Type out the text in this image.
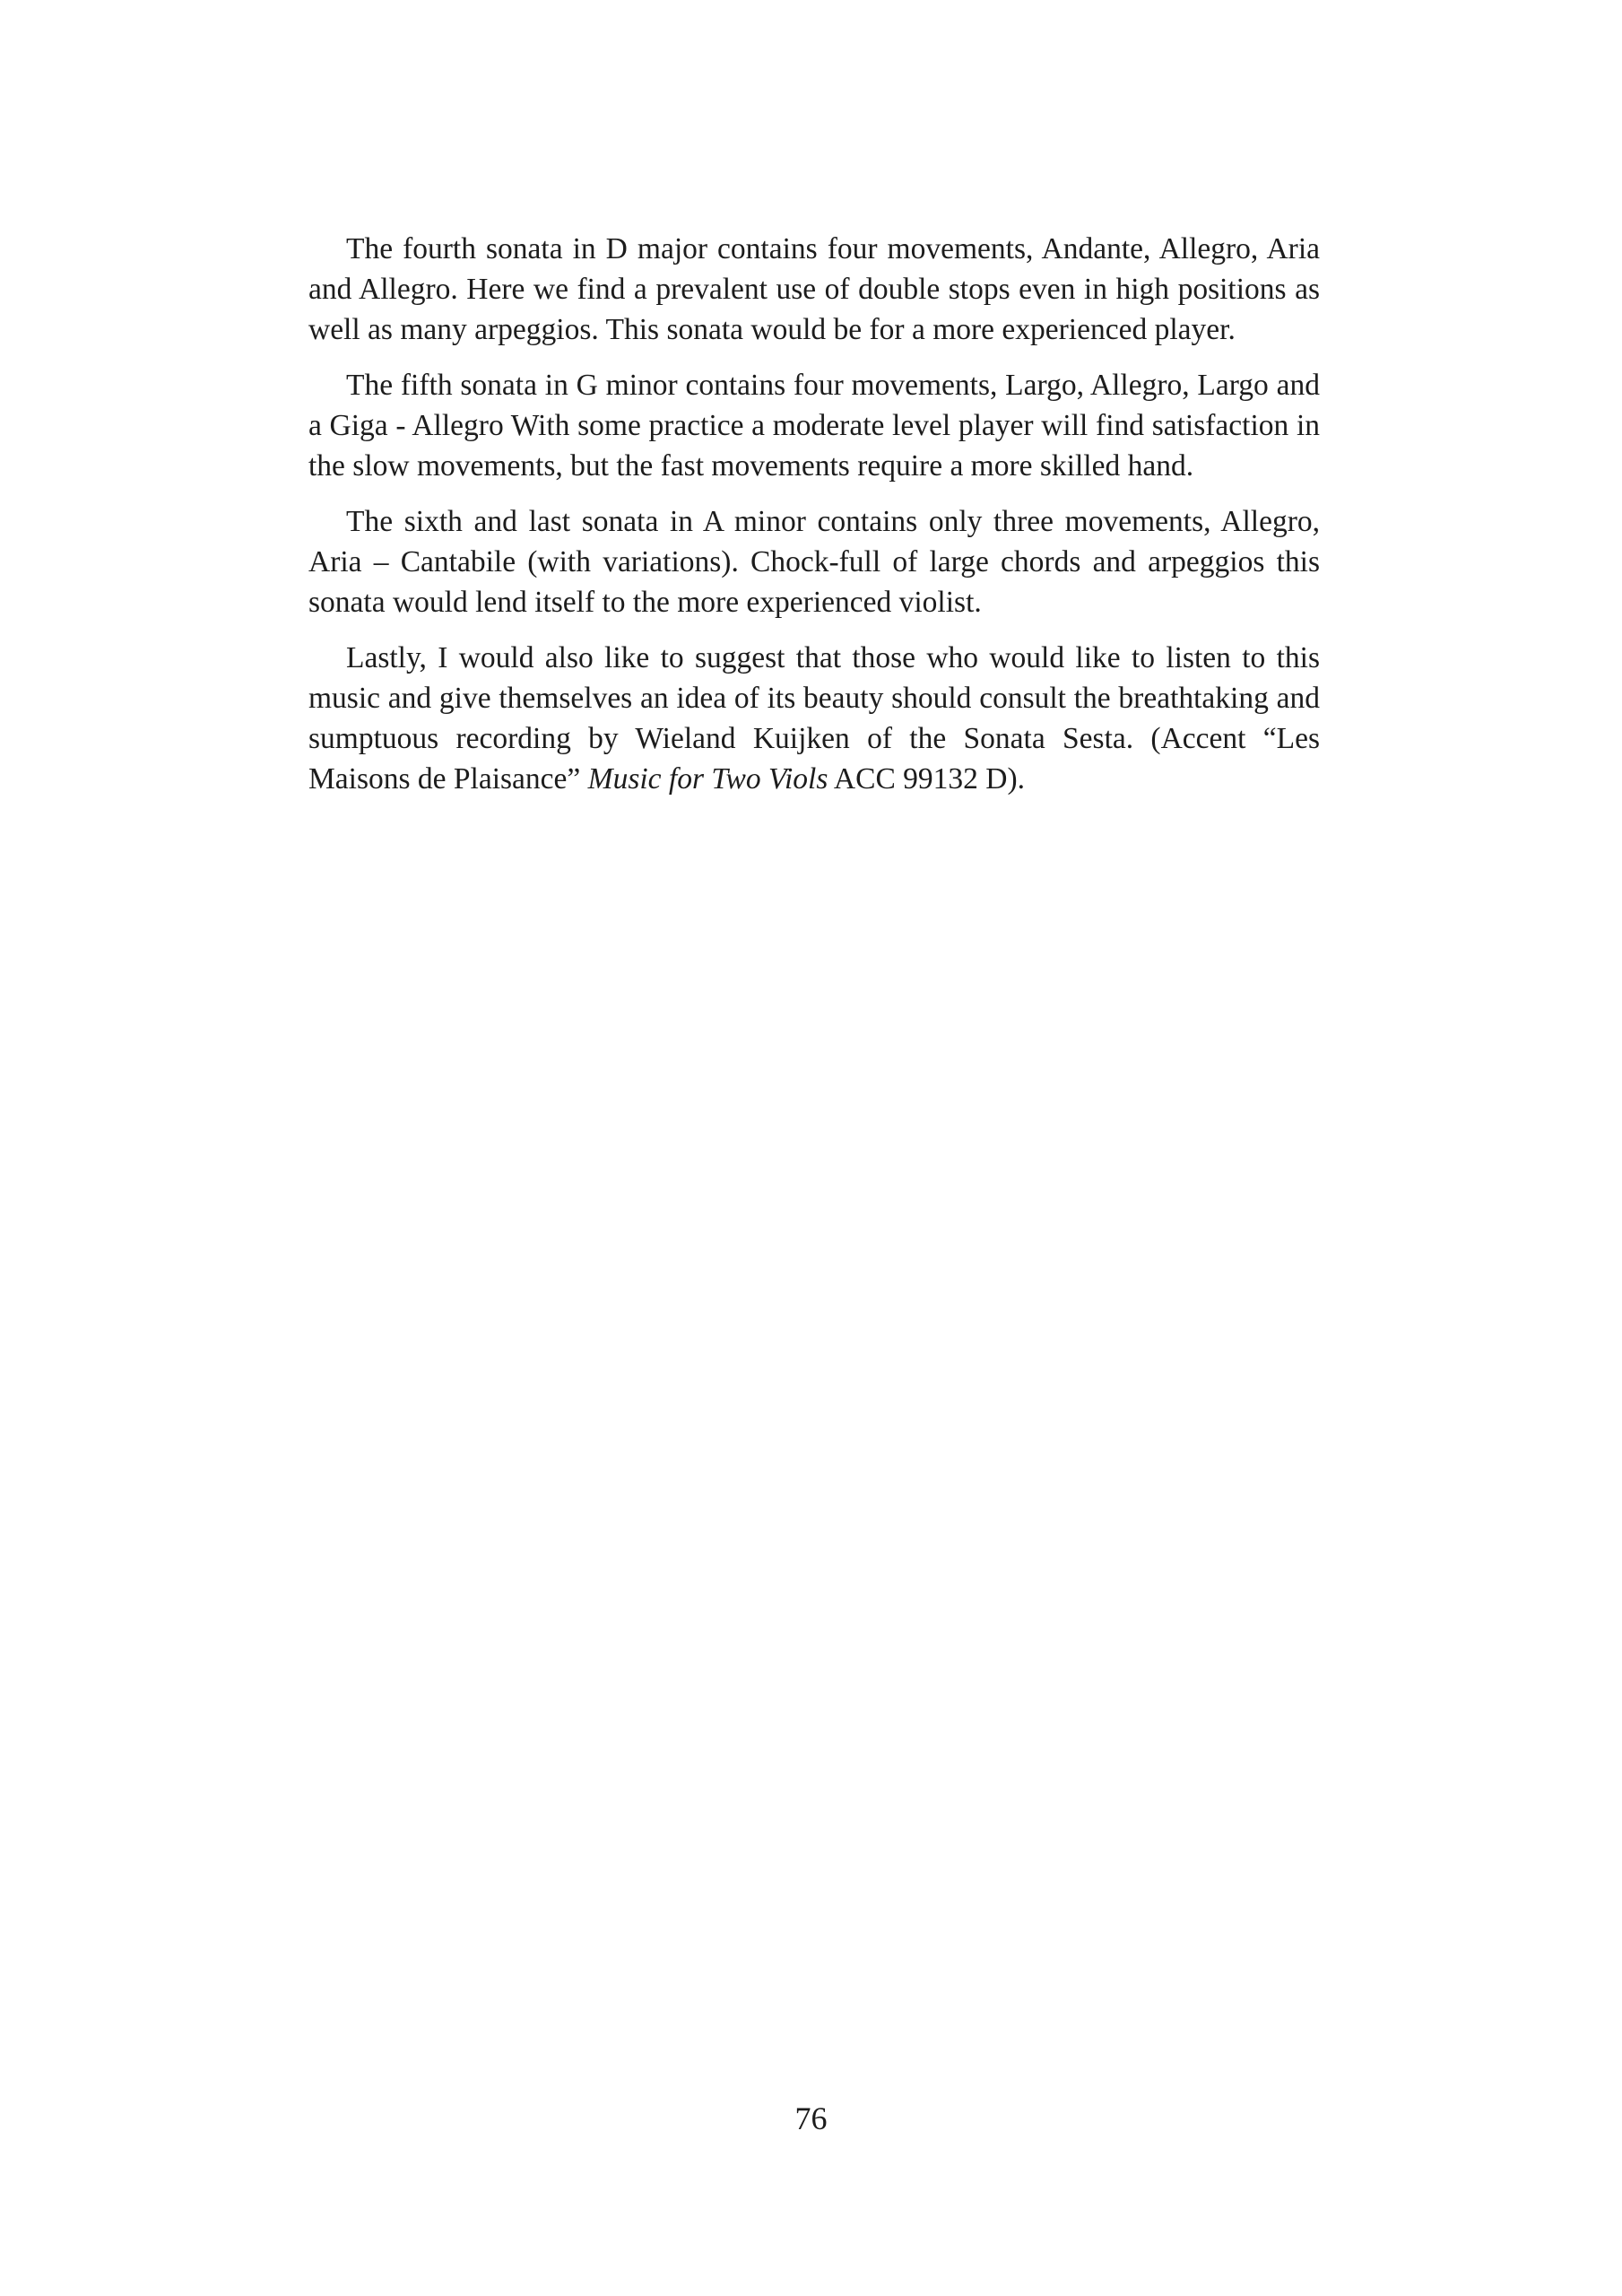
The fourth sonata in D major contains four movements, Andante, Allegro, Aria and Allegro. Here we find a prevalent use of double stops even in high positions as well as many arpeggios. This sonata would be for a more experienced player.

The fifth sonata in G minor contains four movements, Largo, Allegro, Largo and a Giga - Allegro With some practice a moderate level player will find satisfaction in the slow movements, but the fast movements require a more skilled hand.

The sixth and last sonata in A minor contains only three movements, Allegro, Aria – Cantabile (with variations). Chock-full of large chords and arpeggios this sonata would lend itself to the more experienced violist.

Lastly, I would also like to suggest that those who would like to listen to this music and give themselves an idea of its beauty should consult the breathtaking and sumptuous recording by Wieland Kuijken of the Sonata Sesta. (Accent “Les Maisons de Plaisance” Music for Two Viols ACC 99132 D).

76
